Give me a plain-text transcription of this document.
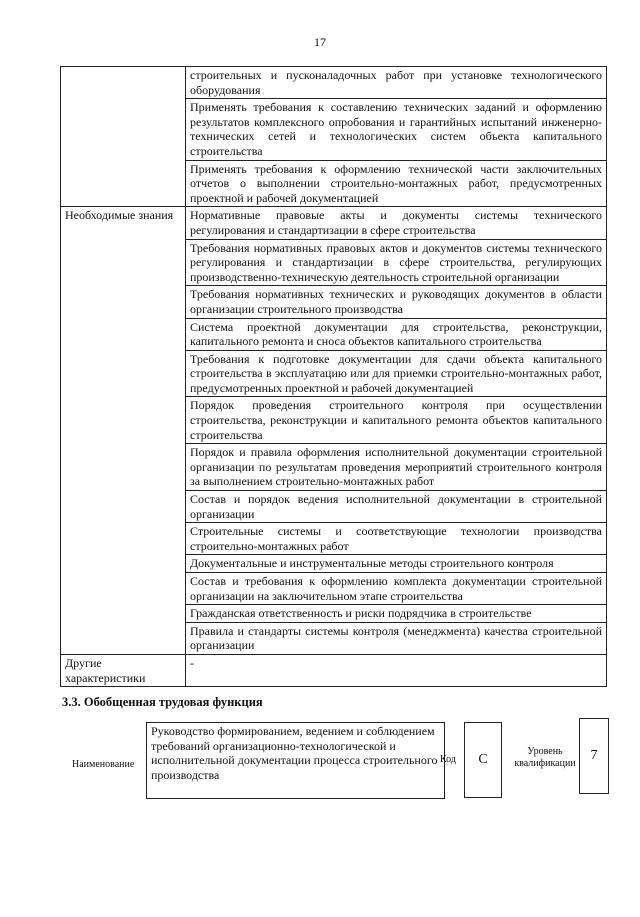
17
	строительных и пусконаладочных работ при установке технологического оборудования
	Применять требования к составлению технических заданий и оформлению результатов комплексного опробования и гарантийных испытаний инженерно-технических сетей и технологических систем объекта капитального строительства
	Применять требования к оформлению технической части заключительных отчетов о выполнении строительно-монтажных работ, предусмотренных проектной и рабочей документацией
Необходимые знания	Нормативные правовые акты и документы системы технического регулирования и стандартизации в сфере строительства
	Требования нормативных правовых актов и документов системы технического регулирования и стандартизации в сфере строительства, регулирующих производственно-техническую деятельность строительной организации
	Требования нормативных технических и руководящих документов в области организации строительного производства
	Система проектной документации для строительства, реконструкции, капитального ремонта и сноса объектов капитального строительства
	Требования к подготовке документации для сдачи объекта капитального строительства в эксплуатацию или для приемки строительно-монтажных работ, предусмотренных проектной и рабочей документацией
	Порядок проведения строительного контроля при осуществлении строительства, реконструкции и капитального ремонта объектов капитального строительства
	Порядок и правила оформления исполнительной документации строительной организации по результатам проведения мероприятий строительного контроля за выполнением строительно-монтажных работ
	Состав и порядок ведения исполнительной документации в строительной организации
	Строительные системы и соответствующие технологии производства строительно-монтажных работ
	Документальные и инструментальные методы строительного контроля
	Состав и требования к оформлению комплекта документации строительной организации на заключительном этапе строительства
	Гражданская ответственность и риски подрядчика в строительстве
	Правила и стандарты системы контроля (менеджмента) качества строительной организации
Другие характеристики	-
3.3. Обобщенная трудовая функция
Наименование
Руководство формированием, ведением и соблюдением требований организационно-технологической и исполнительной документации процесса строительного производства
Код	С
Уровень квалификации
7
